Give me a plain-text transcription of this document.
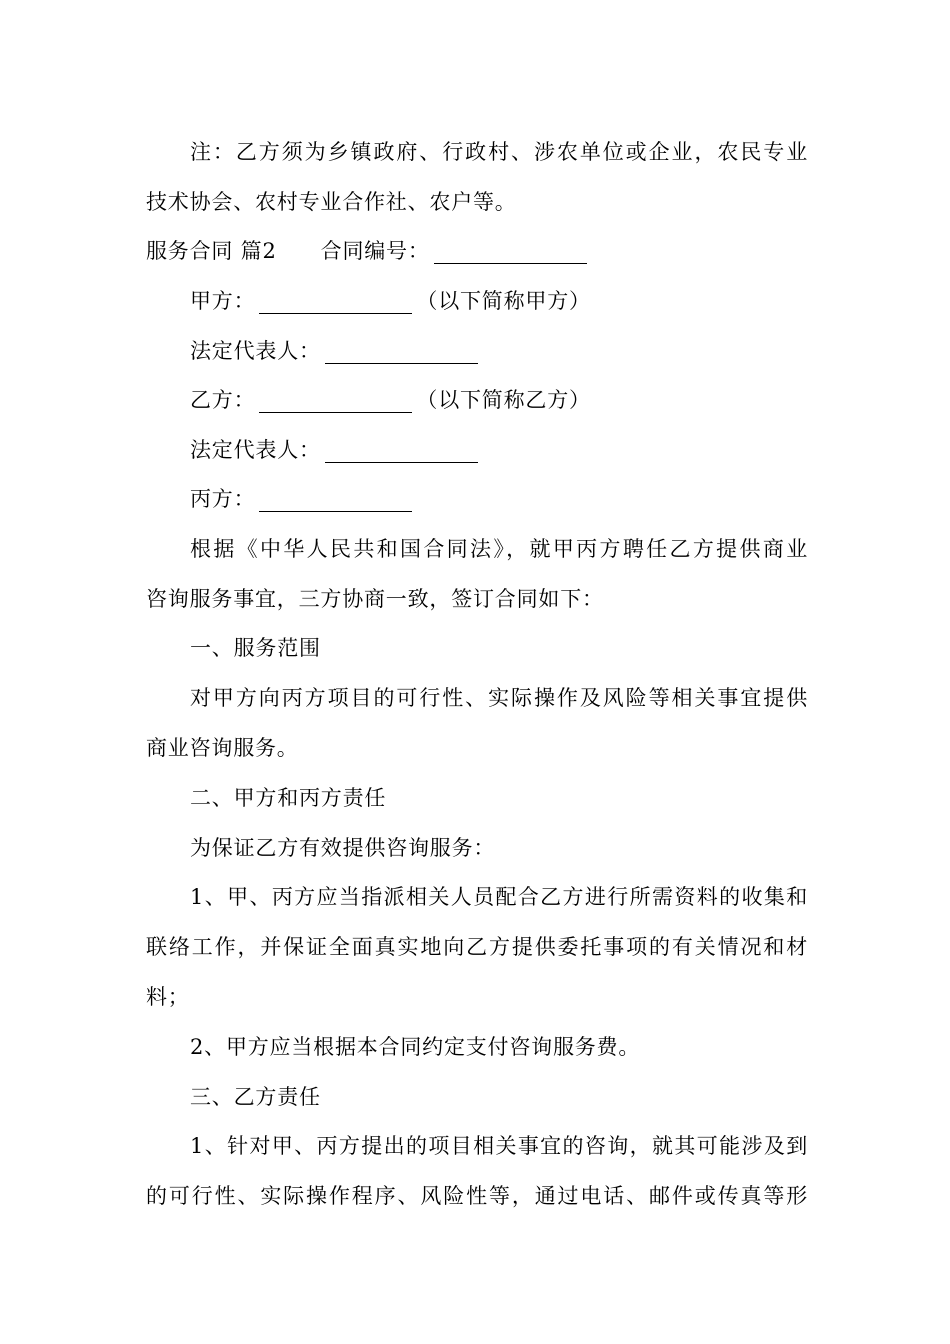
注：乙方须为乡镇政府、行政村、涉农单位或企业，农民专业
技术协会、农村专业合作社、农户等。
服务合同 篇2 合同编号：
甲方：	（以下简称甲方）
法定代表人：
乙方：	（以下简称乙方）
法定代表人：
丙方：
根据《中华人民共和国合同法》，就甲丙方聘任乙方提供商业
咨询服务事宜，三方协商一致，签订合同如下：
一、服务范围
对甲方向丙方项目的可行性、实际操作及风险等相关事宜提供
商业咨询服务。
二、甲方和丙方责任
为保证乙方有效提供咨询服务：
1、甲、丙方应当指派相关人员配合乙方进行所需资料的收集和
联络工作，并保证全面真实地向乙方提供委托事项的有关情况和材
料；
2、甲方应当根据本合同约定支付咨询服务费。
三、乙方责任
1、针对甲、丙方提出的项目相关事宜的咨询，就其可能涉及到
的可行性、实际操作程序、风险性等，通过电话、邮件或传真等形
